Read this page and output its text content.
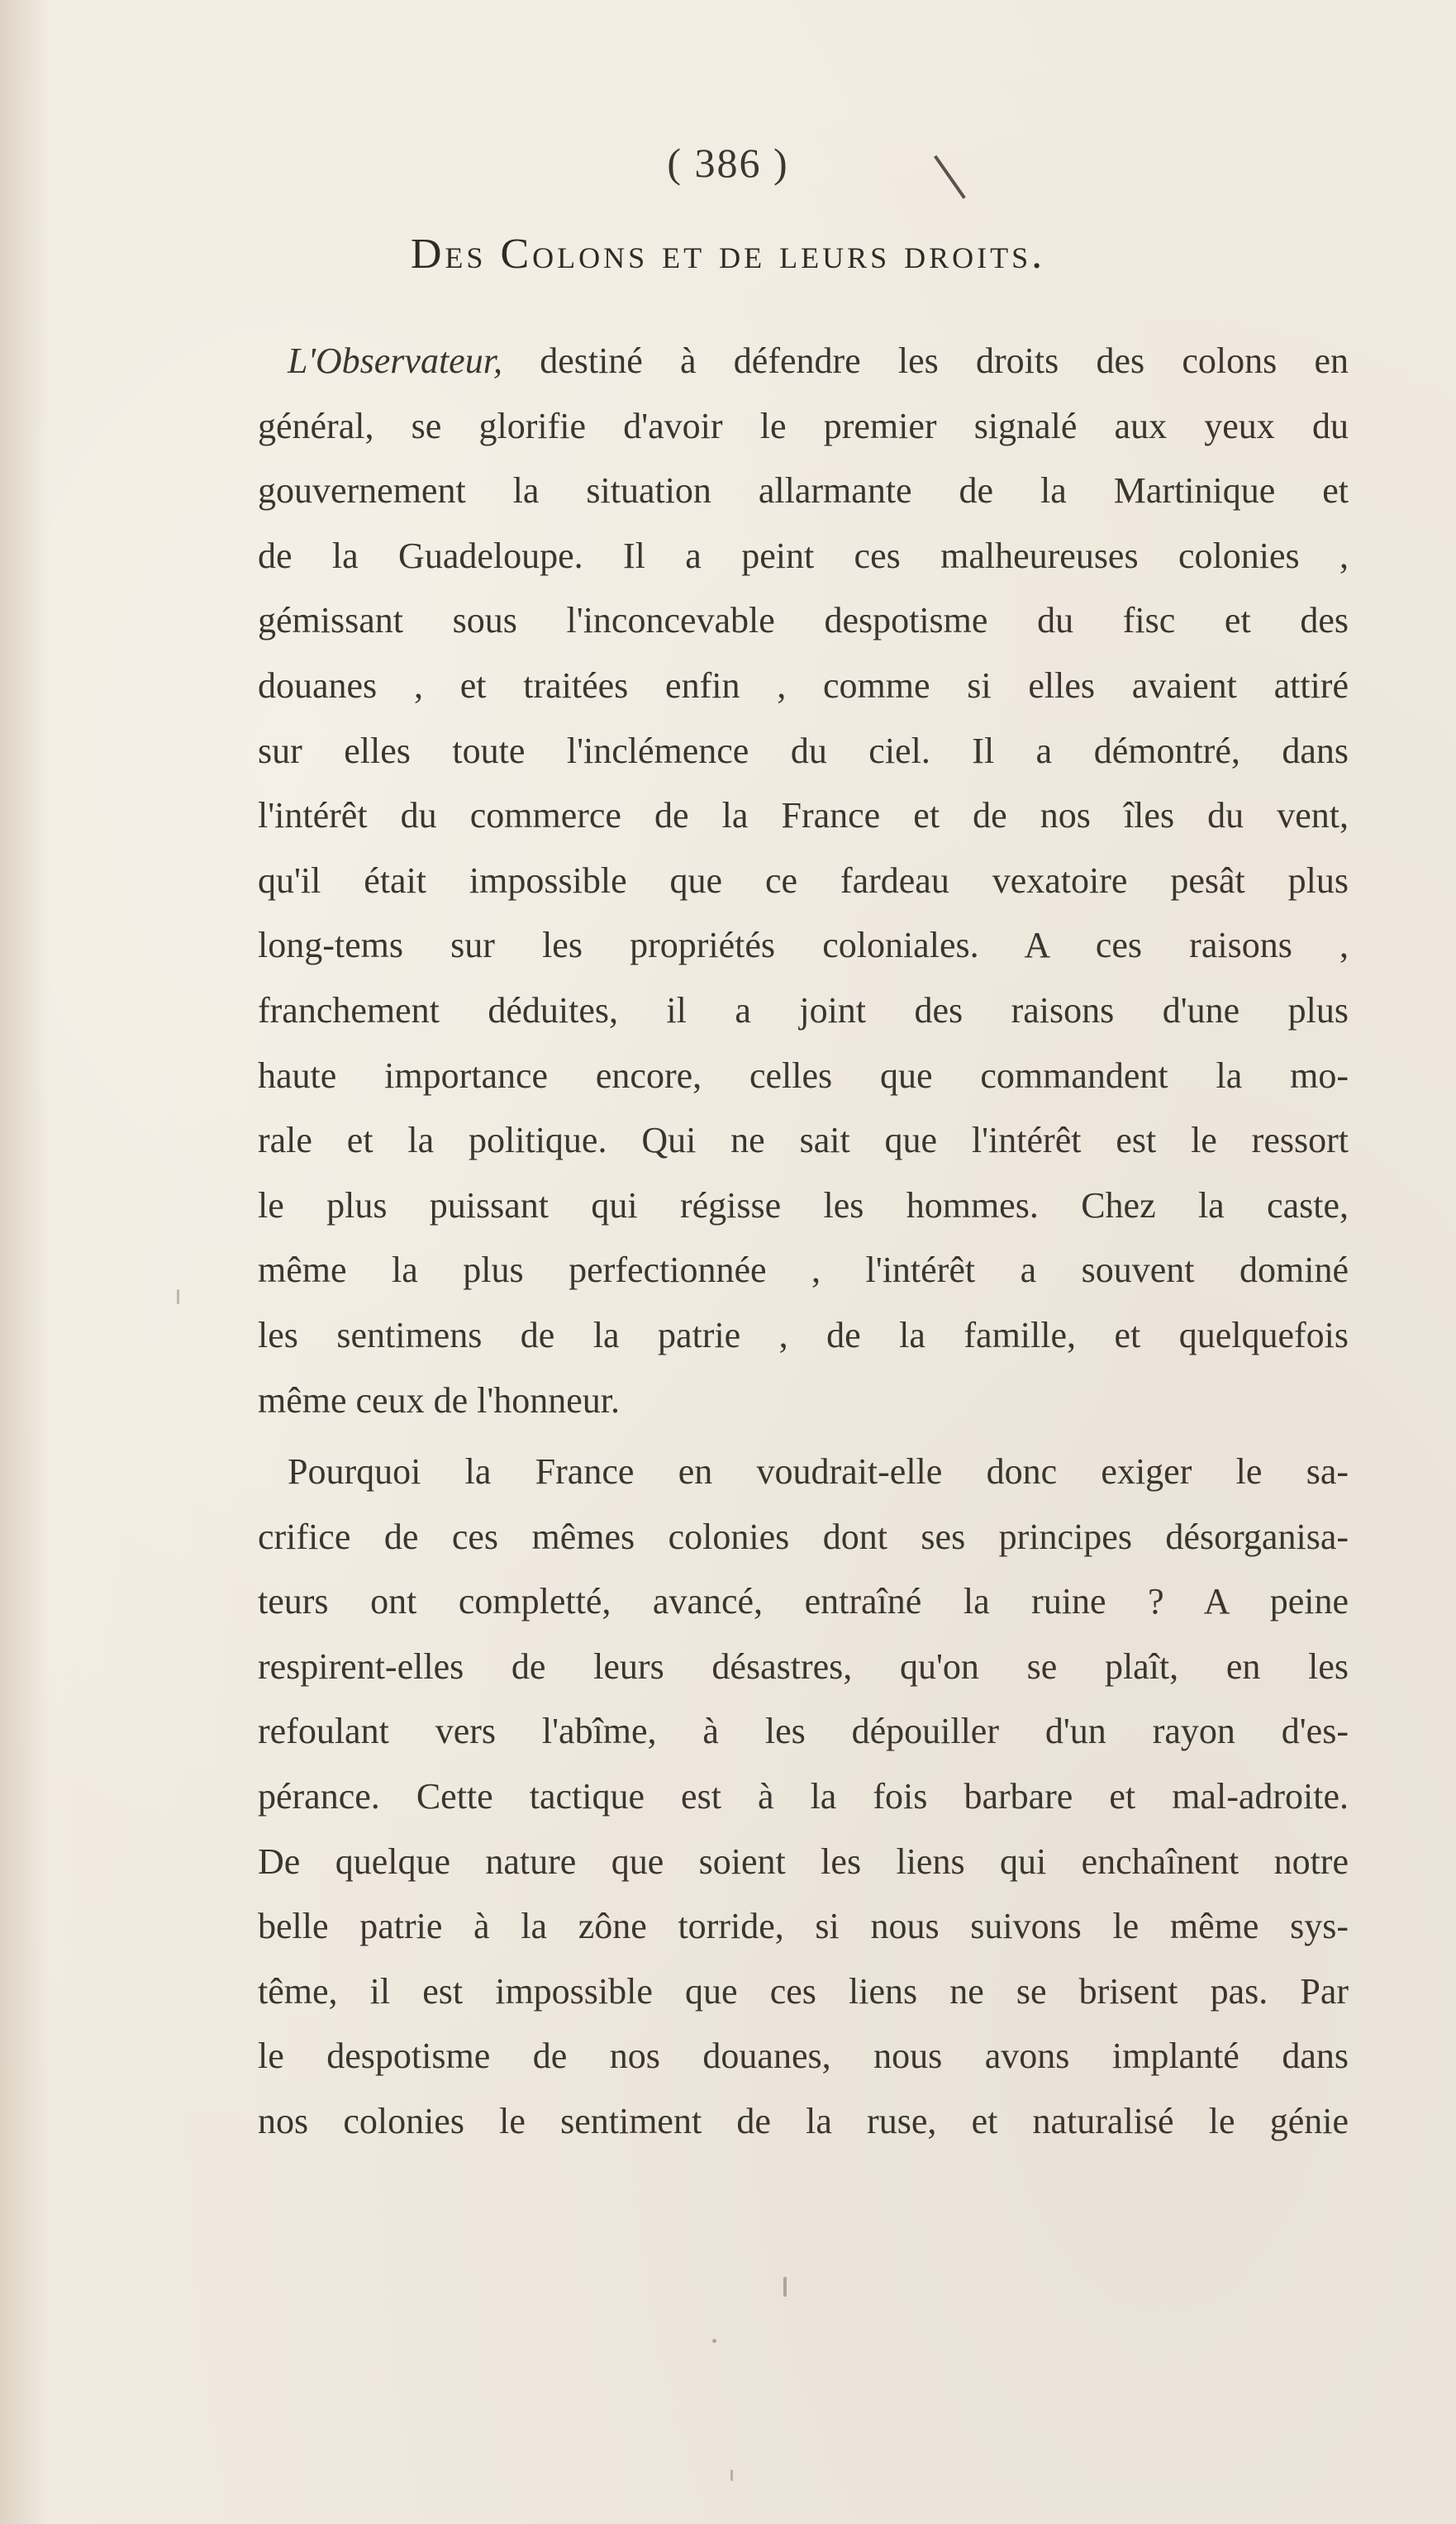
( 386 )
Des Colons et de leurs droits.
L'Observateur, destiné à défendre les droits des colons en
général, se glorifie d'avoir le premier signalé aux yeux du
gouvernement la situation allarmante de la Martinique et
de la Guadeloupe. Il a peint ces malheureuses colonies ,
gémissant sous l'inconcevable despotisme du fisc et des
douanes , et traitées enfin , comme si elles avaient attiré
sur elles toute l'inclémence du ciel. Il a démontré, dans
l'intérêt du commerce de la France et de nos îles du vent,
qu'il était impossible que ce fardeau vexatoire pesât plus
long-tems sur les propriétés coloniales. A ces raisons ,
franchement déduites, il a joint des raisons d'une plus
haute importance encore, celles que commandent la mo-
rale et la politique. Qui ne sait que l'intérêt est le ressort
le plus puissant qui régisse les hommes. Chez la caste,
même la plus perfectionnée , l'intérêt a souvent dominé
les sentimens de la patrie , de la famille, et quelquefois
même ceux de l'honneur.
Pourquoi la France en voudrait-elle donc exiger le sa-
crifice de ces mêmes colonies dont ses principes désorganisa-
teurs ont completté, avancé, entraîné la ruine ? A peine
respirent-elles de leurs désastres, qu'on se plaît, en les
refoulant vers l'abîme, à les dépouiller d'un rayon d'es-
pérance. Cette tactique est à la fois barbare et mal-adroite.
De quelque nature que soient les liens qui enchaînent notre
belle patrie à la zône torride, si nous suivons le même sys-
tême, il est impossible que ces liens ne se brisent pas. Par
le despotisme de nos douanes, nous avons implanté dans
nos colonies le sentiment de la ruse, et naturalisé le génie
